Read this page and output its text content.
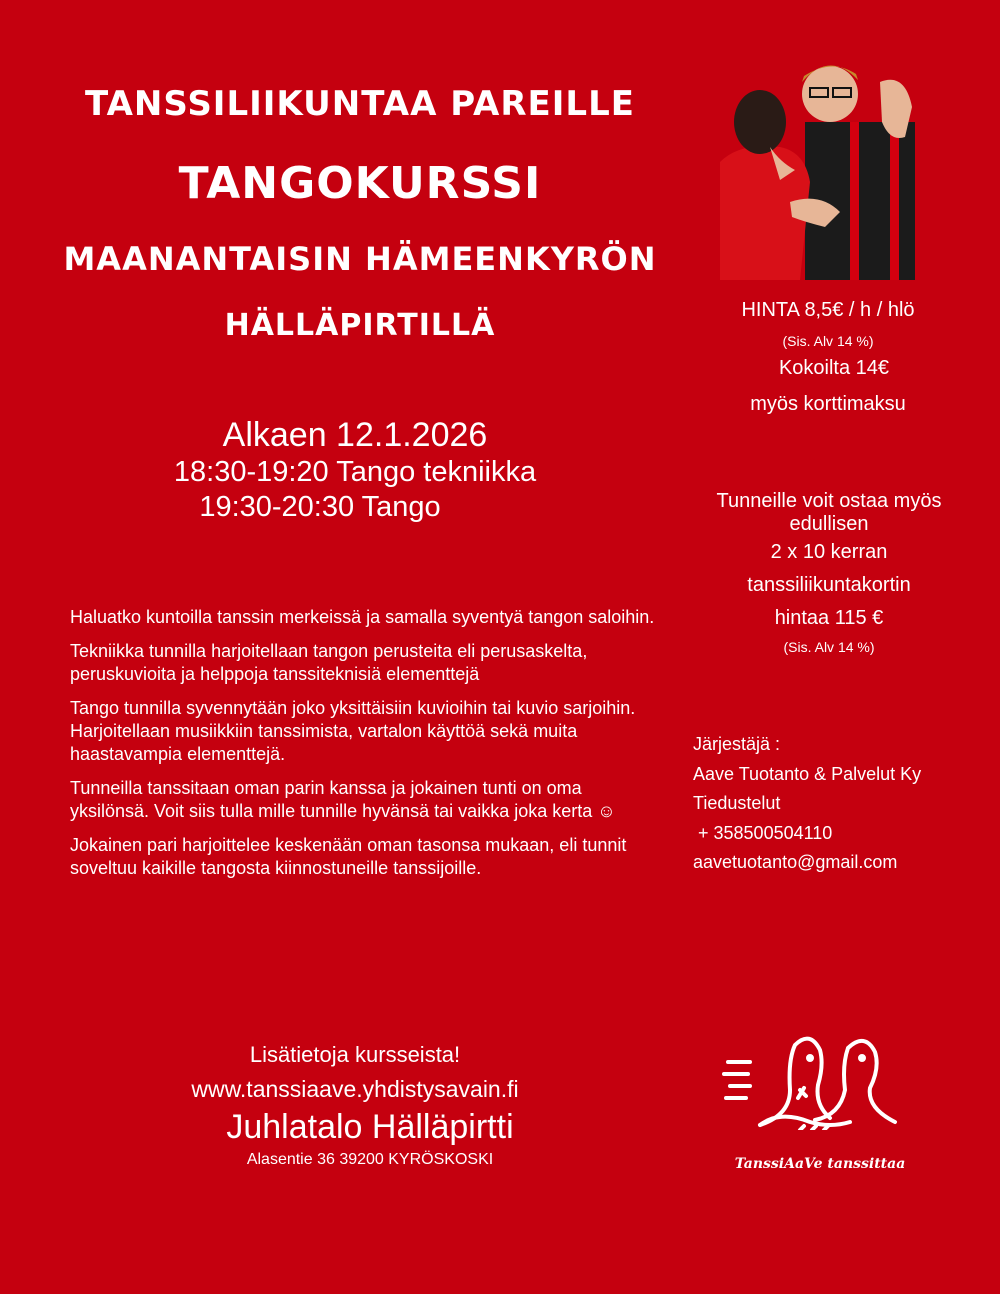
TANSSILIIKUNTAA PAREILLE
TANGOKURSSI
MAANANTAISIN HÄMEENKYRÖN
HÄLLÄPIRTILLÄ
Alkaen 12.1.2026
18:30-19:20 Tango tekniikka
19:30-20:30 Tango

Haluatko kuntoilla tanssin merkeissä ja samalla syventyä tangon saloihin.

Tekniikka tunnilla harjoitellaan tangon perusteita eli perusaskelta, peruskuvioita ja helppoja tanssiteknisiä elementtejä

Tango tunnilla syvennytään joko yksittäisiin kuvioihin tai kuvio sarjoihin. Harjoitellaan musiikkiin tanssimista, vartalon käyttöä sekä muita haastavampia elementtejä.

Tunneilla tanssitaan oman parin kanssa ja jokainen tunti on oma yksilönsä. Voit siis tulla mille tunnille hyvänsä tai vaikka joka kerta ☺

Jokainen pari harjoittelee keskenään oman tasonsa mukaan, eli tunnit soveltuu kaikille tangosta kiinnostuneille tanssijoille.

HINTA 8,5€ / h / hlö
(Sis. Alv 14 %)
Kokoilta 14€
myös korttimaksu
Tunneille voit ostaa myös edullisen
2 x 10 kerran
tanssiliikuntakortin
hintaa 115 €
(Sis. Alv 14 %)
Järjestäjä :
Aave Tuotanto & Palvelut Ky
Tiedustelut
+ 358500504110
aavetuotanto@gmail.com
Lisätietoja kursseista!
www.tanssiaave.yhdistysavain.fi
Juhlatalo Hälläpirtti
Alasentie 36 39200 KYRÖSKOSKI	TanssiAaVe tanssittaa
